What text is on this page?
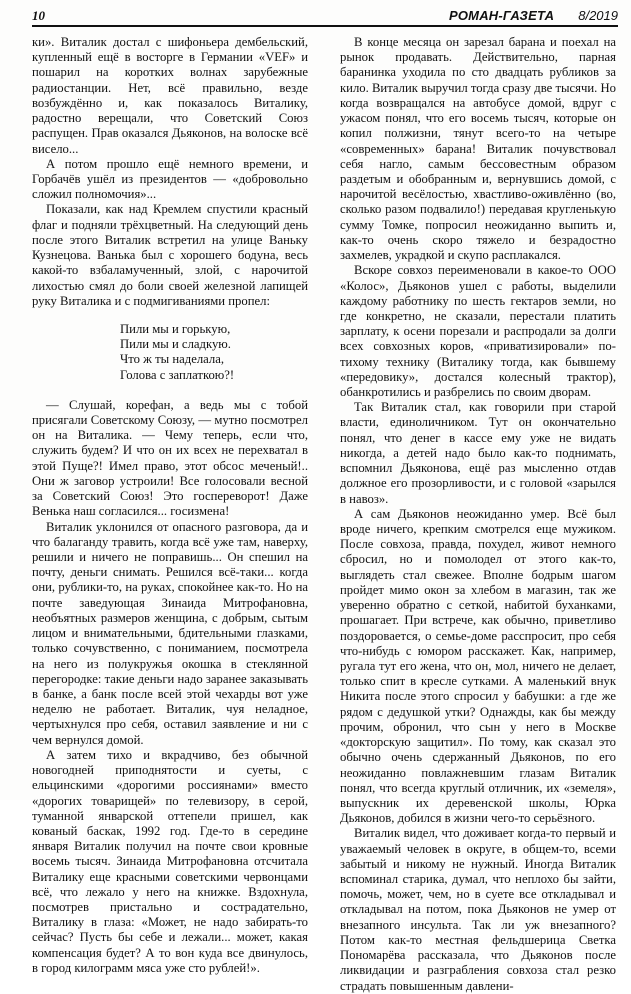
10	РОМАН-ГАЗЕТА 8/2019

ки». Виталик достал с шифоньера дембельский, купленный ещё в восторге в Германии «VEF» и пошарил на коротких волнах зарубежные радиостанции. Нет, всё правильно, везде возбуждённо и, как показалось Виталику, радостно верещали, что Советский Союз распущен. Прав оказался Дьяконов, на волоске всё висело...

А потом прошло ещё немного времени, и Горбачёв ушёл из президентов — «добровольно сложил полномочия»...

Показали, как над Кремлем спустили красный флаг и подняли трёхцветный. На следующий день после этого Виталик встретил на улице Ваньку Кузнецова. Ванька был с хорошего бодуна, весь какой-то взбаламученный, злой, с нарочитой лихостью смял до боли своей железной лапищей руку Виталика и с подмигиваниями пропел:

Пили мы и горькую,
Пили мы и сладкую.
Что ж ты наделала,
Голова с заплаткою?!

— Слушай, корефан, а ведь мы с тобой присягали Советскому Союзу, — мутно посмотрел он на Виталика. — Чему теперь, если что, служить будем? И что он их всех не перехватал в этой Пуще?! Имел право, этот обсос меченый!.. Они ж заговор устроили! Все голосовали весной за Советский Союз! Это госпереворот! Даже Венька наш согласился... госизмена!

Виталик уклонился от опасного разговора, да и что балаганду травить, когда всё уже там, наверху, решили и ничего не поправишь... Он спешил на почту, деньги снимать. Решился всё-таки... когда они, рублики-то, на руках, спокойнее как-то. Но на почте заведующая Зинаида Митрофановна, необъятных размеров женщина, с добрым, сытым лицом и внимательными, бдительными глазками, только сочувственно, с пониманием, посмотрела на него из полукружья окошка в стеклянной перегородке: такие деньги надо заранее заказывать в банке, а банк после всей этой чехарды вот уже неделю не работает. Виталик, чуя неладное, чертыхнулся про себя, оставил заявление и ни с чем вернулся домой.

А затем тихо и вкрадчиво, без обычной новогодней приподнятости и суеты, с ельцинскими «дорогими россиянами» вместо «дорогих товарищей» по телевизору, в серой, туманной январской оттепели пришел, как кованый баскак, 1992 год. Где-то в середине января Виталик получил на почте свои кровные восемь тысяч. Зинаида Митрофановна отсчитала Виталику еще красными советскими червонцами всё, что лежало у него на книжке. Вздохнула, посмотрев пристально и сострадательно, Виталику в глаза: «Может, не надо забирать-то сейчас? Пусть бы себе и лежали... может, какая компенсация будет? А то вон куда все двинулось, в город килограмм мяса уже сто рублей!».

В конце месяца он зарезал барана и поехал на рынок продавать. Действительно, парная баранинка уходила по сто двадцать рубликов за кило. Виталик выручил тогда сразу две тысячи. Но когда возвращался на автобусе домой, вдруг с ужасом понял, что его восемь тысяч, которые он копил полжизни, тянут всего-то на четыре «современных» барана! Виталик почувствовал себя нагло, самым бессовестным образом раздетым и обобранным и, вернувшись домой, с нарочитой весёлостью, хвастливо-оживлённо (во, сколько разом подвалило!) передавая кругленькую сумму Томке, попросил неожиданно выпить и, как-то очень скоро тяжело и безрадостно захмелев, украдкой и скупо расплакался.

Вскоре совхоз переименовали в какое-то ООО «Колос», Дьяконов ушел с работы, выделили каждому работнику по шесть гектаров земли, но где конкретно, не сказали, перестали платить зарплату, к осени порезали и распродали за долги всех совхозных коров, «приватизировали» по-тихому технику (Виталику тогда, как бывшему «передовику», достался колесный трактор), обанкротились и разбрелись по своим дворам.

Так Виталик стал, как говорили при старой власти, единоличником. Тут он окончательно понял, что денег в кассе ему уже не видать никогда, а детей надо было как-то поднимать, вспомнил Дьяконова, ещё раз мысленно отдав должное его прозорливости, и с головой «зарылся в навоз».

А сам Дьяконов неожиданно умер. Всё был вроде ничего, крепким смотрелся еще мужиком. После совхоза, правда, похудел, живот немного сбросил, но и помолодел от этого как-то, выглядеть стал свежее. Вполне бодрым шагом пройдет мимо окон за хлебом в магазин, так же уверенно обратно с сеткой, набитой буханками, прошагает. При встрече, как обычно, приветливо поздоровается, о семье-доме расспросит, про себя что-нибудь с юмором расскажет. Как, например, ругала тут его жена, что он, мол, ничего не делает, только спит в кресле сутками. А маленький внук Никита после этого спросил у бабушки: а где же рядом с дедушкой утки? Однажды, как бы между прочим, обронил, что сын у него в Москве «докторскую защитил». По тому, как сказал это обычно очень сдержанный Дьяконов, по его неожиданно повлажневшим глазам Виталик понял, что всегда круглый отличник, их «земеля», выпускник их деревенской школы, Юрка Дьяконов, добился в жизни чего-то серьёзного.

Виталик видел, что доживает когда-то первый и уважаемый человек в округе, в общем-то, всеми забытый и никому не нужный. Иногда Виталик вспоминал старика, думал, что неплохо бы зайти, помочь, может, чем, но в суете все откладывал и откладывал на потом, пока Дьяконов не умер от внезапного инсульта. Так ли уж внезапного? Потом как-то местная фельдшерица Светка Пономарёва рассказала, что Дьяконов после ликвидации и разграбления совхоза стал резко страдать повышенным давлени-
